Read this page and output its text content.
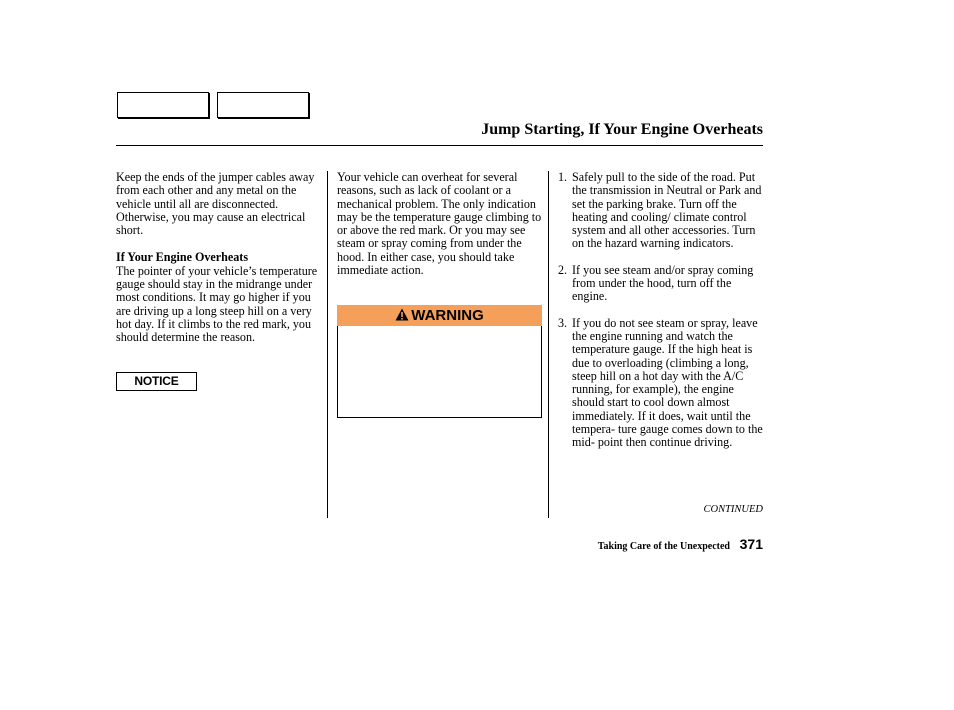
Jump Starting, If Your Engine Overheats

Keep the ends of the jumper cables away from each other and any metal on the vehicle until all are disconnected. Otherwise, you may cause an electrical short.

If Your Engine Overheats

The pointer of your vehicle’s temperature gauge should stay in the midrange under most conditions. It may go higher if you are driving up a long steep hill on a very hot day. If it climbs to the red mark, you should determine the reason.

NOTICE

Your vehicle can overheat for several reasons, such as lack of coolant or a mechanical problem. The only indication may be the temperature gauge climbing to or above the red mark. Or you may see steam or spray coming from under the hood. In either case, you should take immediate action.

WARNING
1. Safely pull to the side of the road. Put the transmission in Neutral or Park and set the parking brake. Turn off the heating and cooling/ climate control system and all other accessories. Turn on the hazard warning indicators.
2. If you see steam and/or spray coming from under the hood, turn off the engine.
3. If you do not see steam or spray, leave the engine running and watch the temperature gauge. If the high heat is due to overloading (climbing a long, steep hill on a hot day with the A/C running, for example), the engine should start to cool down almost immediately. If it does, wait until the tempera- ture gauge comes down to the mid- point then continue driving.
CONTINUED
Taking Care of the Unexpected 371
